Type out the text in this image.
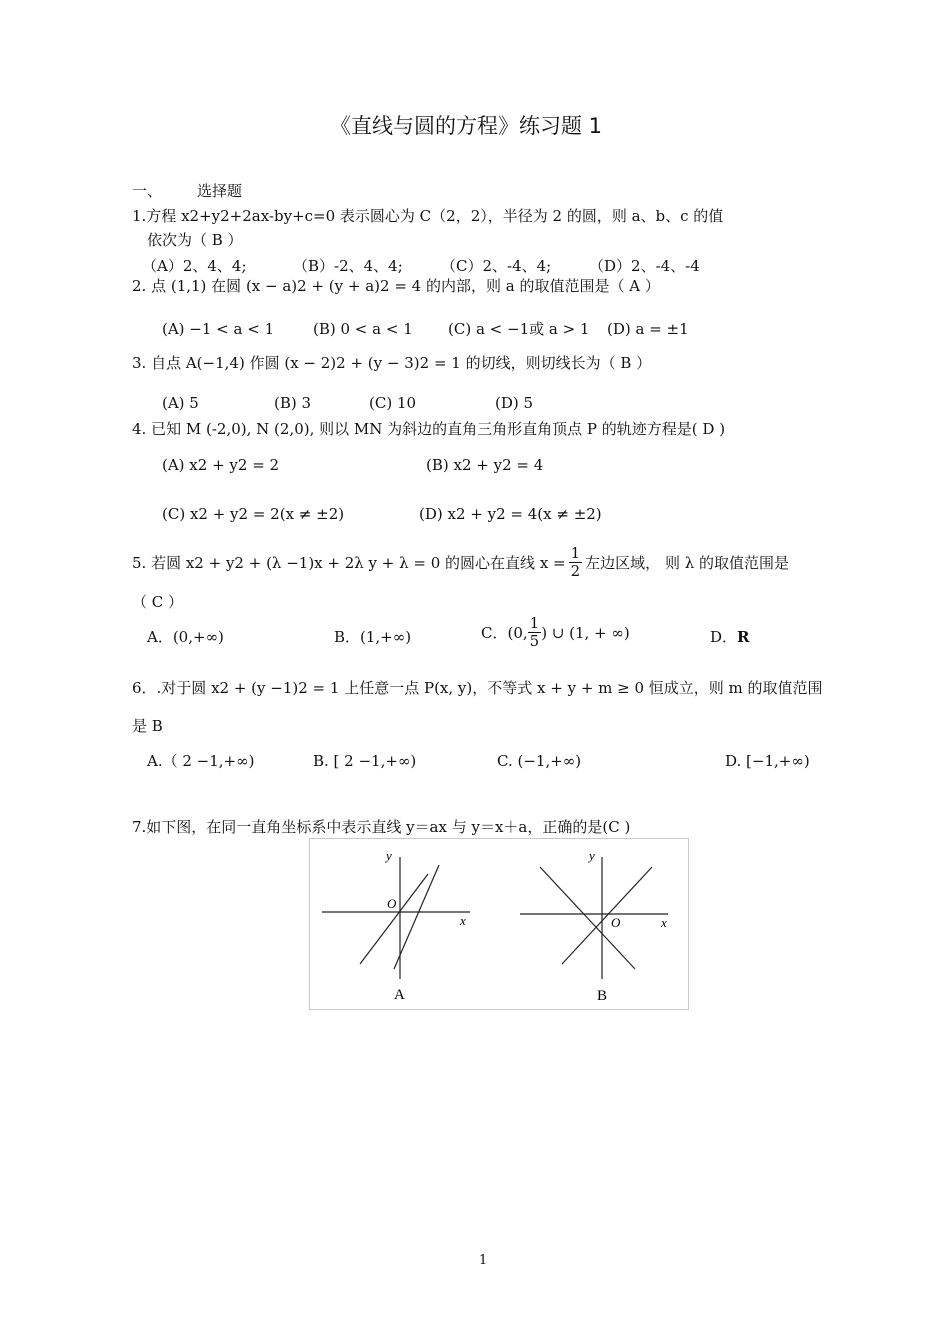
《直线与圆的方程》练习题 1
一、 选择题
1.方程 x2+y2+2ax-by+c=0 表示圆心为 C（2，2），半径为 2 的圆，则 a、b、c 的值
依次为（ B ）
（A）2、4、4;	（B）-2、4、4;	（C）2、-4、4;	（D）2、-4、-4
2. 点 (1,1) 在圆 (x − a)2 + (y + a)2 = 4 的内部，则 a 的取值范围是（ A ）
(A) −1 < a < 1	(B) 0 < a < 1 (C) a < −1或 a > 1 (D) a = ±1
3. 自点 A(−1,4) 作圆 (x − 2)2 + (y − 3)2 = 1 的切线，则切线长为（ B ）
(A) 5	(B) 3	(C) 10	(D) 5
4. 已知 M (-2,0), N (2,0), 则以 MN 为斜边的直角三角形直角顶点 P 的轨迹方程是( D )
(A) x2 + y2 = 2	(B) x2 + y2 = 4
(C) x2 + y2 = 2(x ≠ ±2)	(D) x2 + y2 = 4(x ≠ ±2)
5. 若圆 x2 + y2 + (λ −1)x + 2λ y + λ = 0 的圆心在直线 $x = \frac{1}{2}$ 左边区域， 则 λ 的取值范围是
（ C ）
A．(0,+∞)	B．(1,+∞)	C．(0, $\frac{1}{5}$ ) ∪ (1, + ∞)	D．R
6．.对于圆 x2 + (y −1)2 = 1 上任意一点 P(x, y)，不等式 x + y + m ≥ 0 恒成立，则 m 的取值范围
是 B
A.（ 2 −1,+∞)	B. [ 2 −1,+∞)	C. (−1,+∞)	D. [−1,+∞)
7.如下图，在同一直角坐标系中表示直线 y＝ax 与 y＝x＋a，正确的是(C )
y
x
O
A
y
x
O
B
1
